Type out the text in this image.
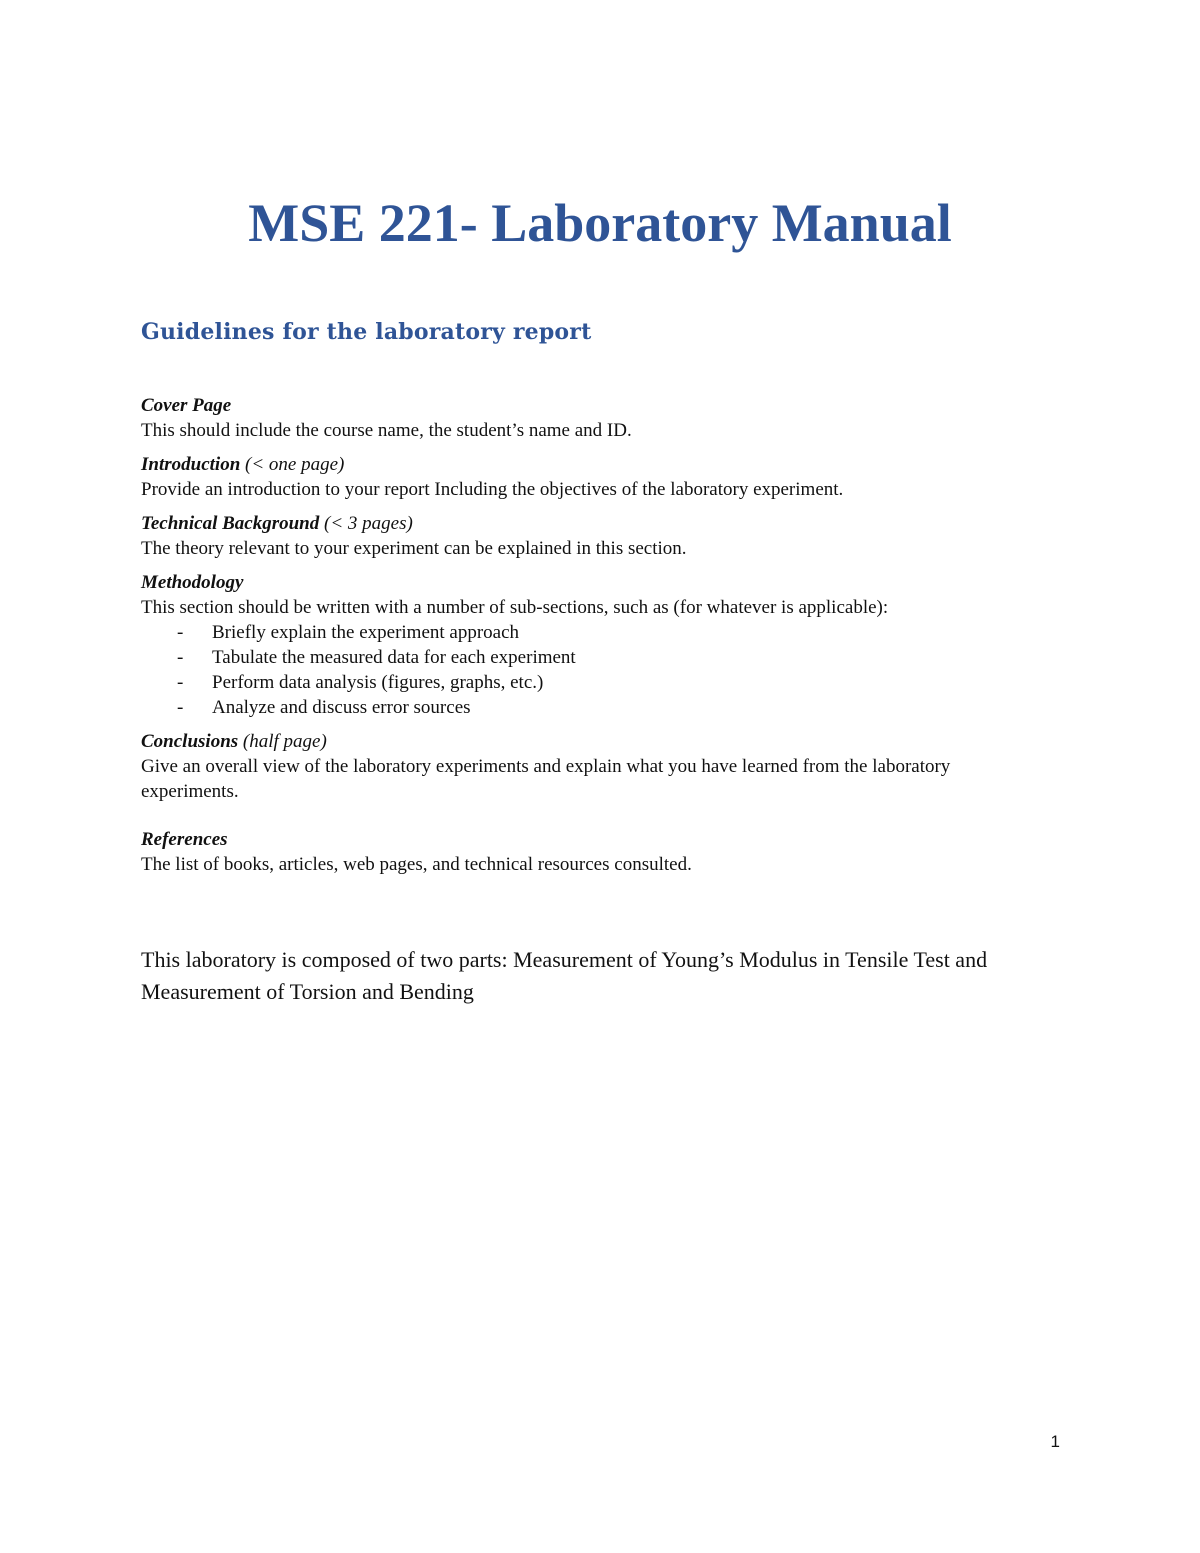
MSE 221- Laboratory Manual
Guidelines for the laboratory report

Cover Page

This should include the course name, the student’s name and ID.

Introduction (< one page)

Provide an introduction to your report Including the objectives of the laboratory experiment.

Technical Background (< 3 pages)

The theory relevant to your experiment can be explained in this section.

Methodology

This section should be written with a number of sub-sections, such as (for whatever is applicable):

- Briefly explain the experiment approach
- Tabulate the measured data for each experiment
- Perform data analysis (figures, graphs, etc.)
- Analyze and discuss error sources

Conclusions (half page)

Give an overall view of the laboratory experiments and explain what you have learned from the laboratory experiments.

References

The list of books, articles, web pages, and technical resources consulted.

This laboratory is composed of two parts: Measurement of Young’s Modulus in Tensile Test and Measurement of Torsion and Bending

1
